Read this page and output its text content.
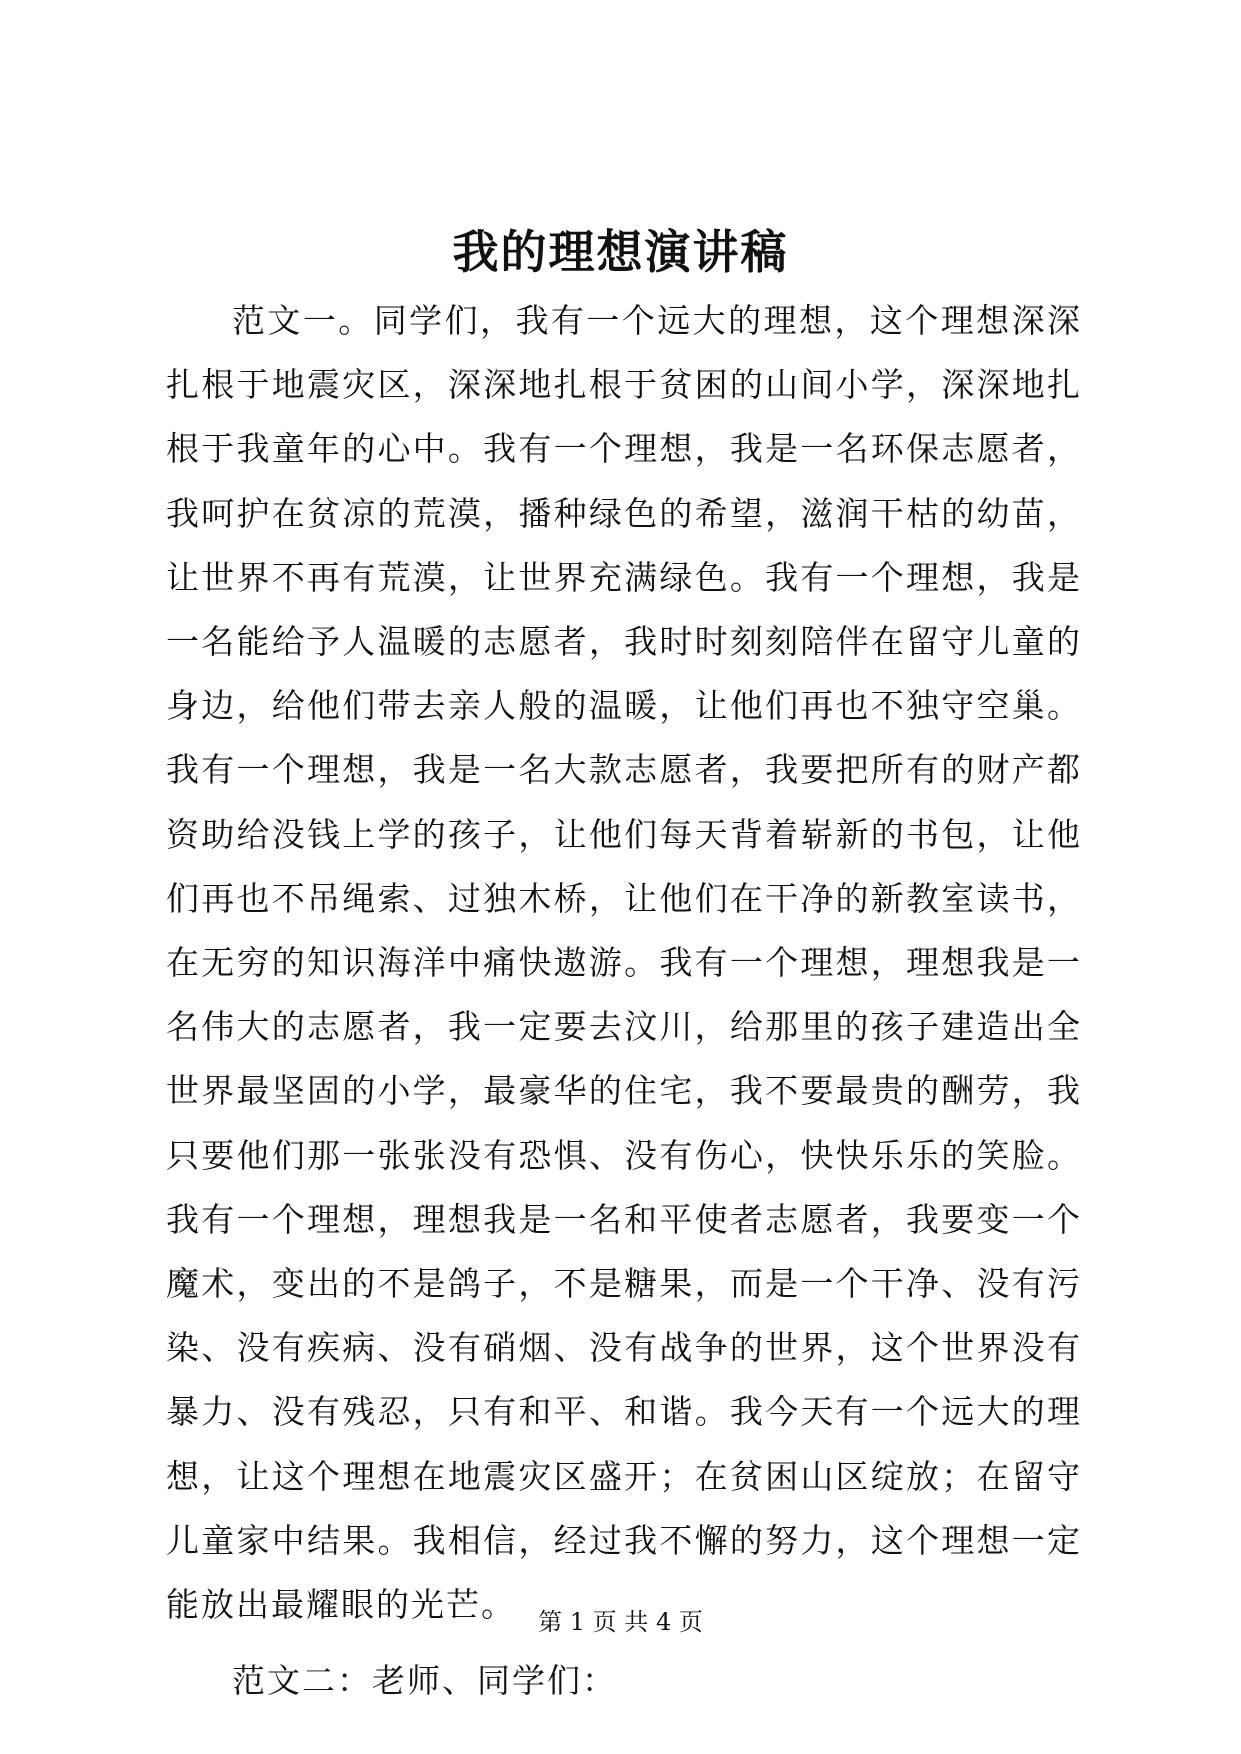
我的理想演讲稿

范文一。同学们，我有一个远大的理想，这个理想深深扎根于地震灾区，深深地扎根于贫困的山间小学，深深地扎根于我童年的心中。我有一个理想，我是一名环保志愿者，我呵护在贫凉的荒漠，播种绿色的希望，滋润干枯的幼苗，让世界不再有荒漠，让世界充满绿色。我有一个理想，我是一名能给予人温暖的志愿者，我时时刻刻陪伴在留守儿童的身边，给他们带去亲人般的温暖，让他们再也不独守空巢。我有一个理想，我是一名大款志愿者，我要把所有的财产都资助给没钱上学的孩子，让他们每天背着崭新的书包，让他们再也不吊绳索、过独木桥，让他们在干净的新教室读书，在无穷的知识海洋中痛快遨游。我有一个理想，理想我是一名伟大的志愿者，我一定要去汶川，给那里的孩子建造出全世界最坚固的小学，最豪华的住宅，我不要最贵的酬劳，我只要他们那一张张没有恐惧、没有伤心，快快乐乐的笑脸。我有一个理想，理想我是一名和平使者志愿者，我要变一个魔术，变出的不是鸽子，不是糖果，而是一个干净、没有污染、没有疾病、没有硝烟、没有战争的世界，这个世界没有暴力、没有残忍，只有和平、和谐。我今天有一个远大的理想，让这个理想在地震灾区盛开；在贫困山区绽放；在留守儿童家中结果。我相信，经过我不懈的努力，这个理想一定能放出最耀眼的光芒。

范文二：老师、同学们：

第 1 页 共 4 页
